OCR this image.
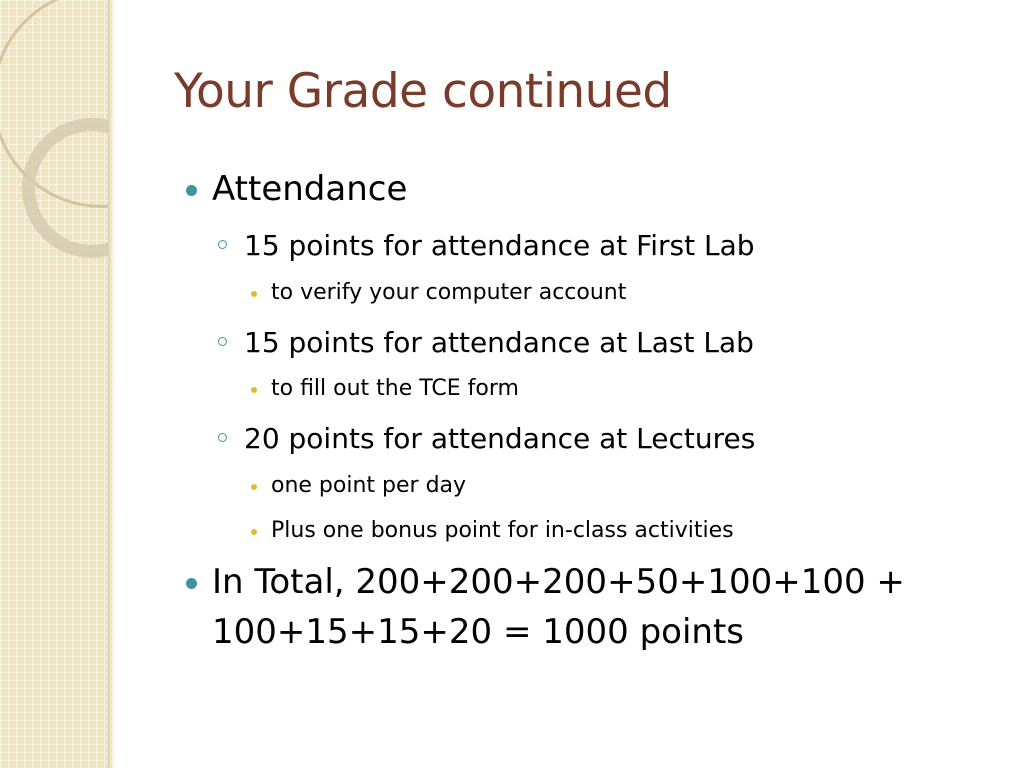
Your Grade continued
Attendance
15 points for attendance at First Lab
to verify your computer account
15 points for attendance at Last Lab
to fill out the TCE form
20 points for attendance at Lectures
one point per day
Plus one bonus point for in-class activities
In Total, 200+200+200+50+100+100 +
100+15+15+20 = 1000 points
